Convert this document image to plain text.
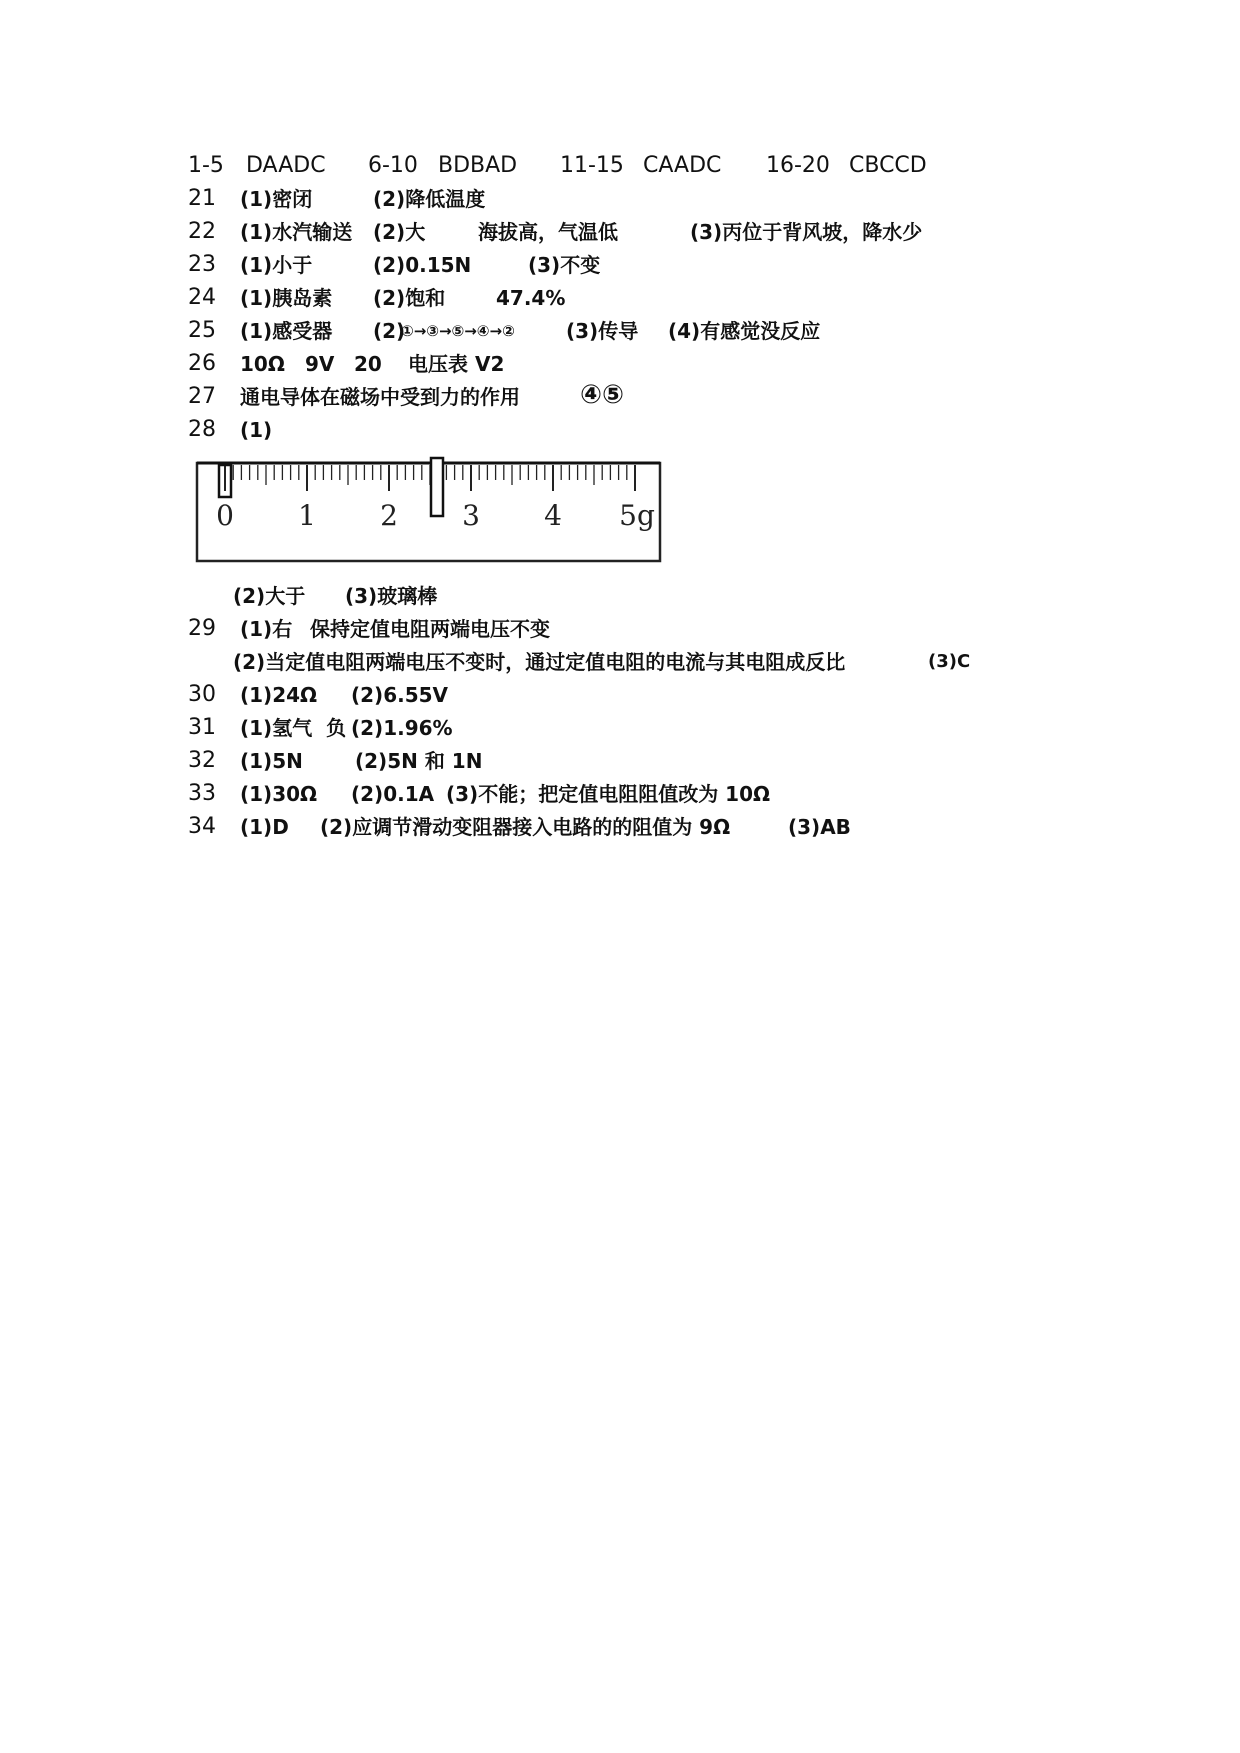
1-5 DAADC 6-10 BDBAD 11-15 CAADC 16-20 CBCCD
21 (1)密闭	(2)降低温度
22 (1)水汽输送 (2)大	海拔高，气温低	(3)丙位于背风坡，降水少
23 (1)小于	(2)0.15N	(3)不变
24 (1)胰岛素 (2)饱和	47.4%
25 (1)感受器 (2)
①→③→⑤→④→②	(3)传导 (4)有感觉没反应
26 10Ω 9V 20 电压表 V2
27 通电导体在磁场中受到力的作用 ④⑤
28 (1)
0 1 2 3 4 5g
(2)大于 (3)玻璃棒
29 (1)右 保持定值电阻两端电压不变
(2)当定值电阻两端电压不变时，通过定值电阻的电流与其电阻成反比	(3)C
30 (1)24Ω (2)6.55V
31 (1)氢气  负 (2)1.96%
32 (1)5N	(2)5N 和 1N
33 (1)30Ω (2)0.1A (3)不能；把定值电阻阻值改为 10Ω
34 (1)D (2)应调节滑动变阻器接入电路的的阻值为 9Ω	(3)AB
